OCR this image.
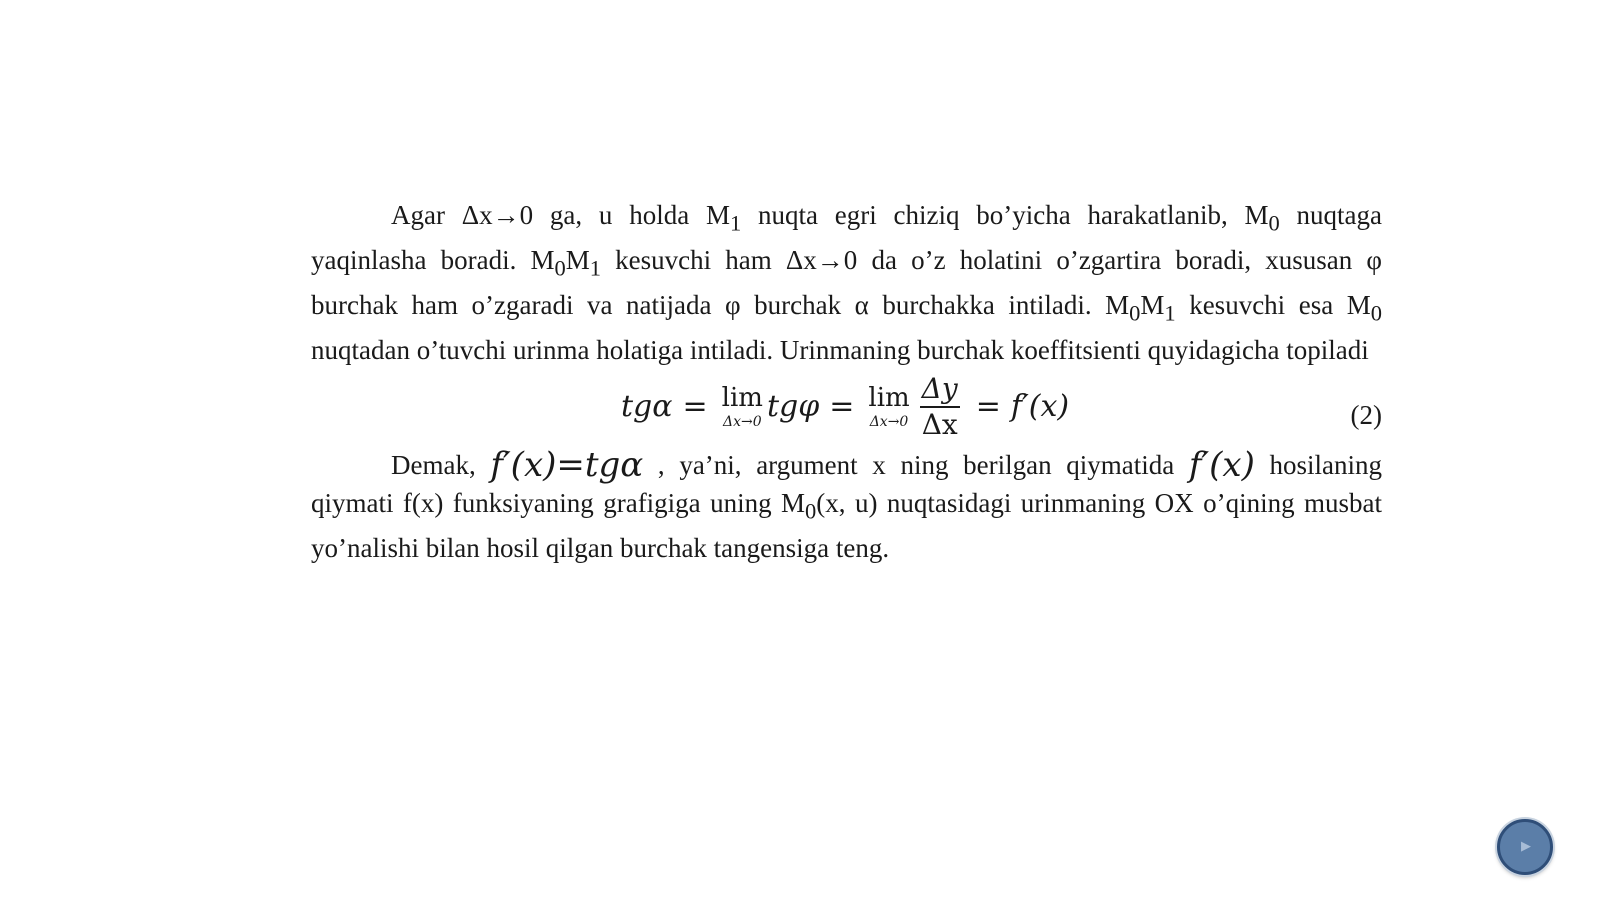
Agar Δx→0 ga, u holda $M_1$ nuqta egri chiziq bo’yicha harakatlanib, $M_0$ nuqtaga yaqinlasha boradi. $M_0M_1$ kesuvchi ham Δx→0 da o’z holatini o’zgartira boradi, xususan φ burchak ham o’zgaradi va natijada φ burchak α burchakka intiladi. $M_0M_1$ kesuvchi esa $M_0$ nuqtadan o’tuvchi urinma holatiga intiladi. Urinmaning burchak koeffitsienti quyidagicha topiladi

tgα = lim
Δx→0 tgφ = lim
$\Delta x\to 0 \frac{\Delta y}{\Delta x} = f'(x)$	(2)

Demak, f′(x)=tgα , ya’ni, argument x ning berilgan qiymatida f′(x) hosilaning qiymati f(x) funksiyaning grafigiga uning $M_0(x$, u) nuqtasidagi urinmaning OX o’qining musbat yo’nalishi bilan hosil qilgan burchak tangensiga teng.

▶
